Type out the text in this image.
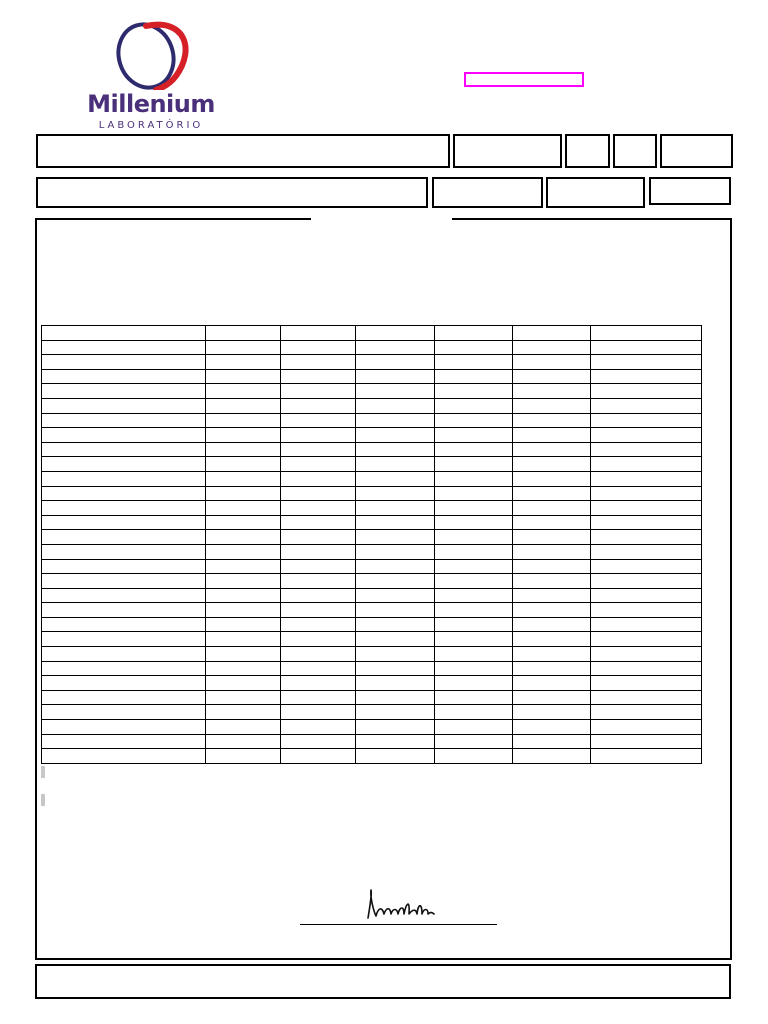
Millenium
LABORATÓRIO
